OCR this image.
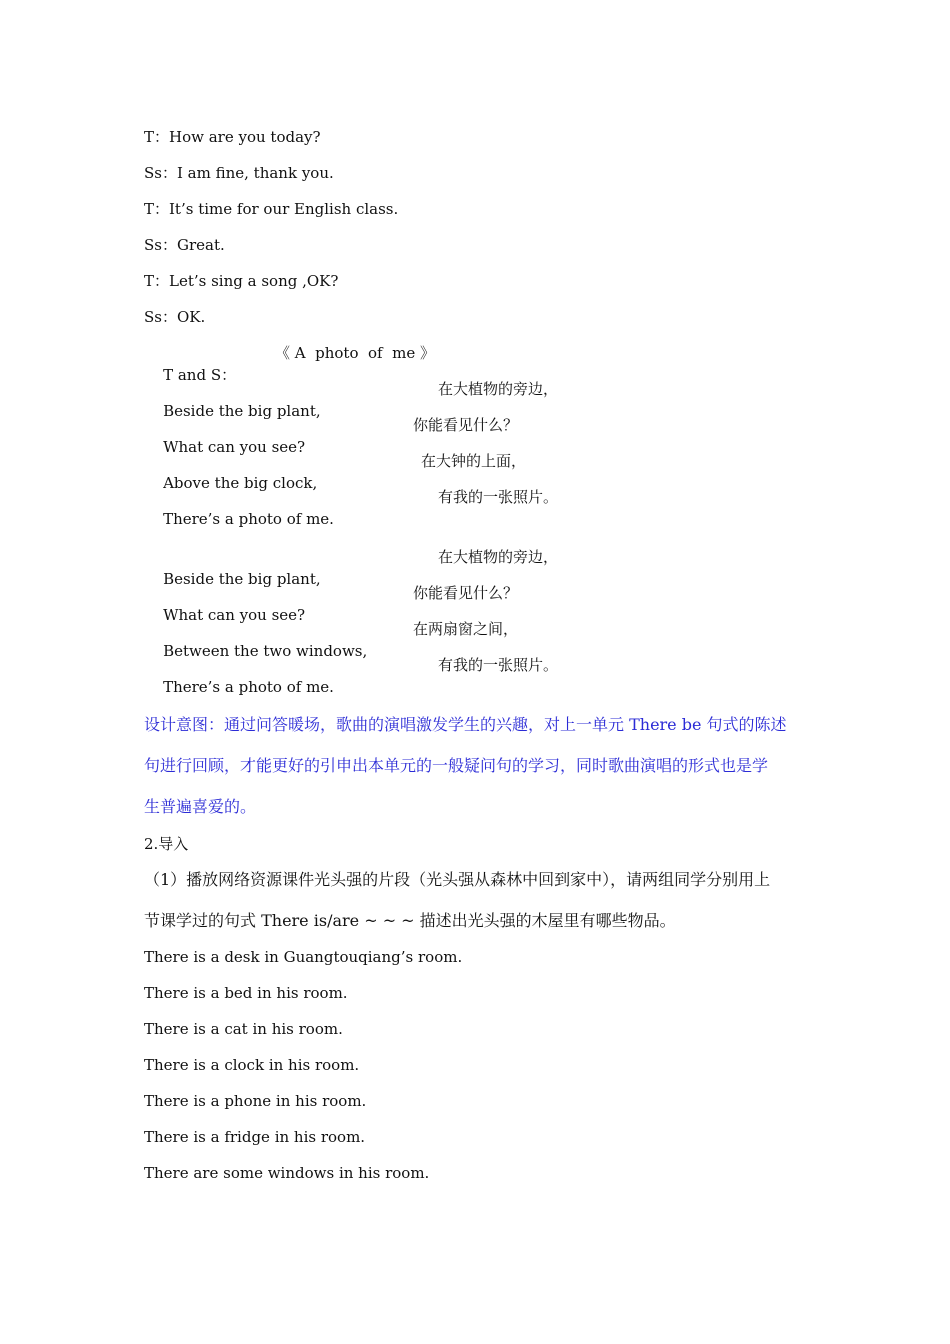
T：How are you today?
Ss：I am fine, thank you.
T：It’s time for our English class.
Ss：Great.
T：Let’s sing a song ,OK?
Ss：OK.

T and S：

《 A  photo  of  me 》

Beside the big plant,

在大植物的旁边，

What can you see?

你能看见什么？

Above the big clock,

在大钟的上面，

There’s a photo of me.

有我的一张照片。

Beside the big plant,

在大植物的旁边，

What can you see?

你能看见什么？

Between the two windows,

在两扇窗之间，

There’s a photo of me.

有我的一张照片。

设计意图：通过问答暖场，歌曲的演唱激发学生的兴趣，对上一单元 There be 句式的陈述
句进行回顾，才能更好的引申出本单元的一般疑问句的学习，同时歌曲演唱的形式也是学
生普遍喜爱的。
2.导入
（1）播放网络资源课件光头强的片段（光头强从森林中回到家中），请两组同学分别用上
节课学过的句式 There is/are ~ ~ ~ 描述出光头强的木屋里有哪些物品。
There is a desk in Guangtouqiang’s room.
There is a bed in his room.
There is a cat in his room.
There is a clock in his room.
There is a phone in his room.
There is a fridge in his room.
There are some windows in his room.
